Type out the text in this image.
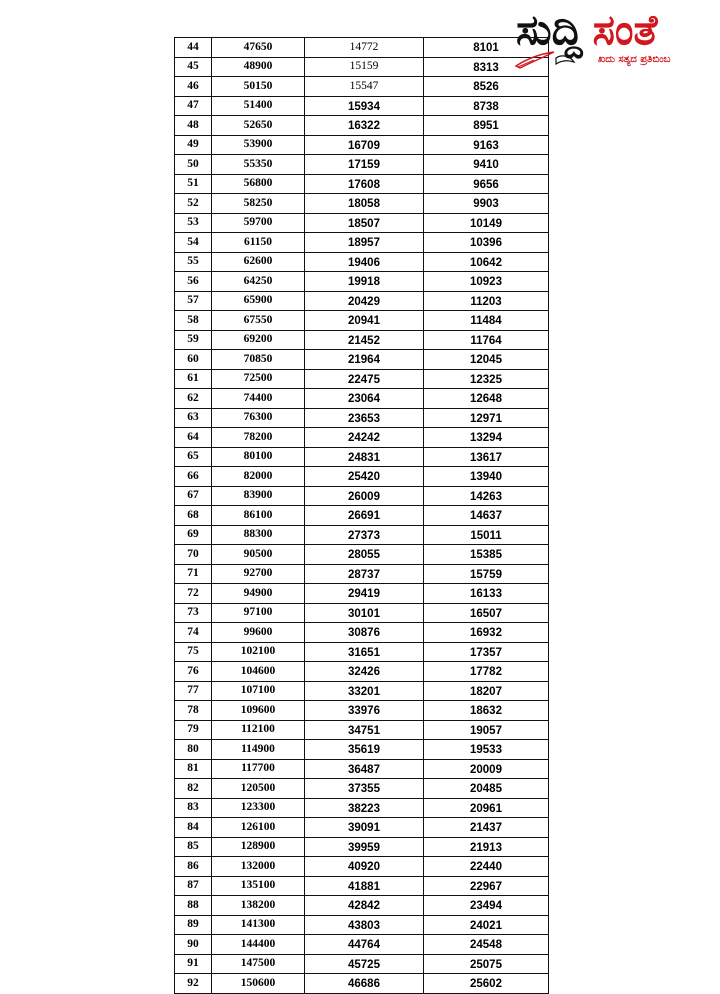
44	47650	14772	8101
45	48900	15159	8313
46	50150	15547	8526
47	51400	15934	8738
48	52650	16322	8951
49	53900	16709	9163
50	55350	17159	9410
51	56800	17608	9656
52	58250	18058	9903
53	59700	18507	10149
54	61150	18957	10396
55	62600	19406	10642
56	64250	19918	10923
57	65900	20429	11203
58	67550	20941	11484
59	69200	21452	11764
60	70850	21964	12045
61	72500	22475	12325
62	74400	23064	12648
63	76300	23653	12971
64	78200	24242	13294
65	80100	24831	13617
66	82000	25420	13940
67	83900	26009	14263
68	86100	26691	14637
69	88300	27373	15011
70	90500	28055	15385
71	92700	28737	15759
72	94900	29419	16133
73	97100	30101	16507
74	99600	30876	16932
75	102100	31651	17357
76	104600	32426	17782
77	107100	33201	18207
78	109600	33976	18632
79	112100	34751	19057
80	114900	35619	19533
81	117700	36487	20009
82	120500	37355	20485
83	123300	38223	20961
84	126100	39091	21437
85	128900	39959	21913
86	132000	40920	22440
87	135100	41881	22967
88	138200	42842	23494
89	141300	43803	24021
90	144400	44764	24548
91	147500	45725	25075
92	150600	46686	25602
ಸುದ್ದಿ ಸಂತೆ
ಖದು ಸತ್ಯದ ಪ್ರತಿಬಿಂಬ
